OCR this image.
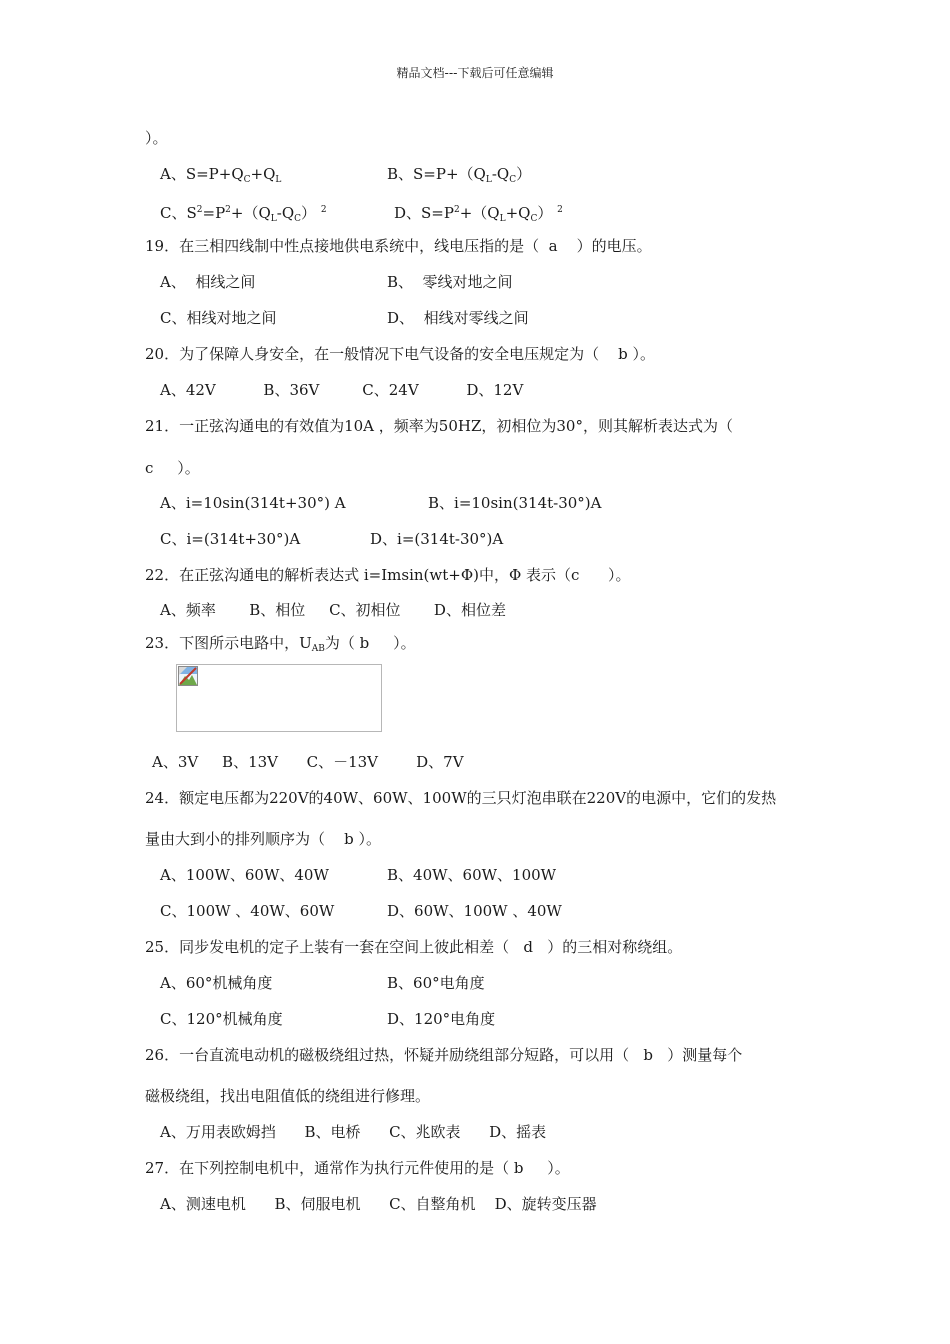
精品文档---下载后可任意编辑
）。
A、$S=P+Q_C+Q_L$	B、$S=P+(Q_L-Q_C)$
C、$S^2=P^2+(Q_L-Q_C)$ $^2$	D、$S=P^2+(Q_L+Q_C)$ $^2$
19．在三相四线制中性点接地供电系统中，线电压指的是（  a    ）的电压。
A、  相线之间	B、  零线对地之间
C、相线对地之间	D、  相线对零线之间
20．为了保障人身安全，在一般情况下电气设备的安全电压规定为（    b ）。
A、42V          B、36V         C、24V          D、12V
21．一正弦沟通电的有效值为10A ，频率为50HZ，初相位为30°，则其解析表达式为（
c     ）。
A、i=10sin(314t+30°) A	B、i=10sin(314t-30°)A
C、i=(314t+30°)A	D、i=(314t-30°)A
22．在正弦沟通电的解析表达式 i=Imsin(wt+Φ)中，Φ 表示（c      ）。
A、频率       B、相位     C、初相位       D、相位差
23．下图所示电路中，$U_{AB}$为（ b     ）。
A、3V     B、13V      C、－13V        D、7V
24．额定电压都为220V的40W、60W、100W的三只灯泡串联在220V的电源中，它们的发热
量由大到小的排列顺序为（    b ）。
A、100W、60W、40W	B、40W、60W、100W
C、100W 、40W、60W	D、60W、100W 、40W
25．同步发电机的定子上装有一套在空间上彼此相差（   d   ）的三相对称绕组。
A、60°机械角度	B、60°电角度
C、120°机械角度	D、120°电角度
26．一台直流电动机的磁极绕组过热，怀疑并励绕组部分短路，可以用（   b   ）测量每个
磁极绕组，找出电阻值低的绕组进行修理。
A、万用表欧姆挡      B、电桥      C、兆欧表      D、摇表
27．在下列控制电机中，通常作为执行元件使用的是（ b     ）。
A、测速电机      B、伺服电机      C、自整角机    D、旋转变压器
